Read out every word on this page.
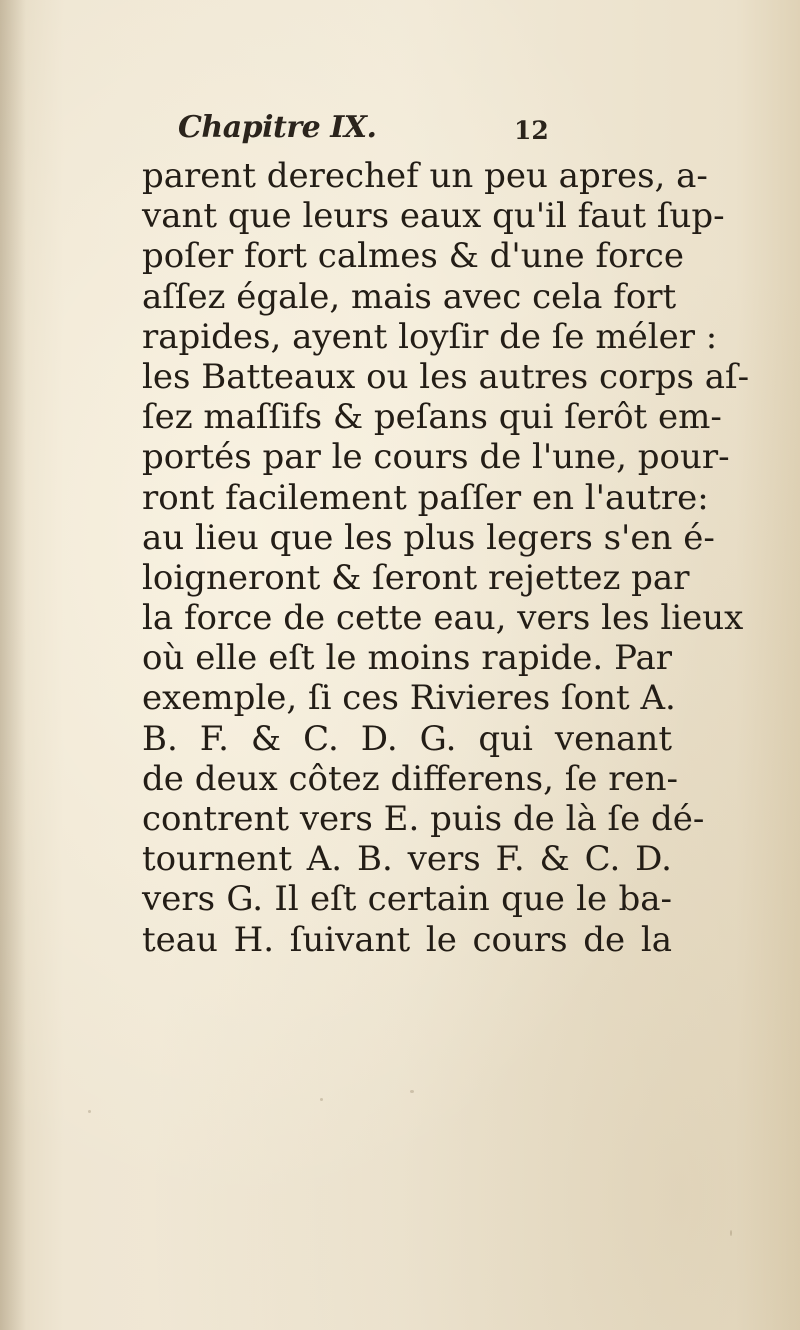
Chapitre IX.	12
parent derechef un peu apres, a-
vant que leurs eaux qu'il faut ſup-
poſer fort calmes & d'une force
aſſez égale, mais avec cela fort
rapides, ayent loyſir de ſe méler :
les Batteaux ou les autres corps aſ-
ſez maſſifs & peſans qui ſerôt em-
portés par le cours de l'une, pour-
ront facilement paſſer en l'autre:
au lieu que les plus legers s'en é-
loigneront & ſeront rejettez par
la force de cette eau, vers les lieux
où elle eſt le moins rapide. Par
exemple, ſi ces Rivieres ſont A.
B. F. & C. D. G. qui venant
de deux côtez differens, ſe ren-
contrent vers E. puis de là ſe dé-
tournent A. B. vers F. & C. D.
vers G. Il eſt certain que le ba-
teau H. ſuivant le cours de la
